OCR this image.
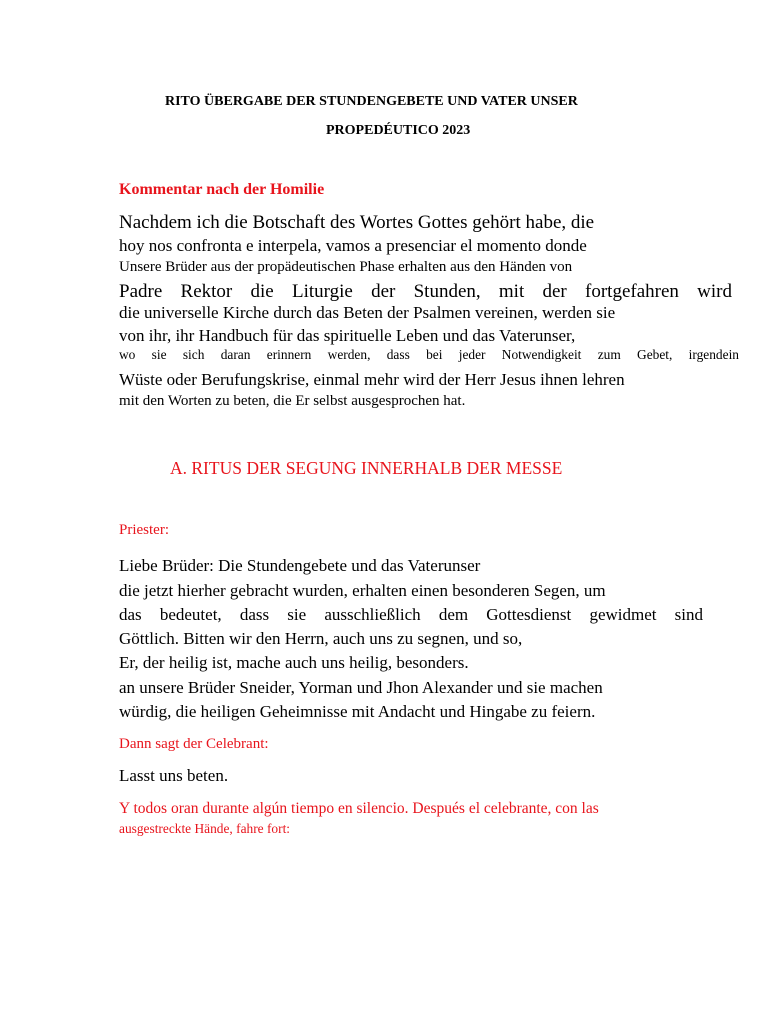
RITO ÜBERGABE DER STUNDENGEBETE UND VATER UNSER
PROPEDÉUTICO 2023
Kommentar nach der Homilie
Nachdem ich die Botschaft des Wortes Gottes gehört habe, die
hoy nos confronta e interpela, vamos a presenciar el momento donde
Unsere Brüder aus der propädeutischen Phase erhalten aus den Händen von
Padre Rektor die Liturgie der Stunden, mit der fortgefahren wird
die universelle Kirche durch das Beten der Psalmen vereinen, werden sie
von ihr, ihr Handbuch für das spirituelle Leben und das Vaterunser,
wo sie sich daran erinnern werden, dass bei jeder Notwendigkeit zum Gebet, irgendein
Wüste oder Berufungskrise, einmal mehr wird der Herr Jesus ihnen lehren
mit den Worten zu beten, die Er selbst ausgesprochen hat.
A. RITUS DER SEGUNG INNERHALB DER MESSE
Priester:
Liebe Brüder: Die Stundengebete und das Vaterunser
die jetzt hierher gebracht wurden, erhalten einen besonderen Segen, um
das bedeutet, dass sie ausschließlich dem Gottesdienst gewidmet sind
Göttlich. Bitten wir den Herrn, auch uns zu segnen, und so,
Er, der heilig ist, mache auch uns heilig, besonders.
an unsere Brüder Sneider, Yorman und Jhon Alexander und sie machen
würdig, die heiligen Geheimnisse mit Andacht und Hingabe zu feiern.
Dann sagt der Celebrant:
Lasst uns beten.
Y todos oran durante algún tiempo en silencio. Después el celebrante, con las
ausgestreckte Hände, fahre fort:
